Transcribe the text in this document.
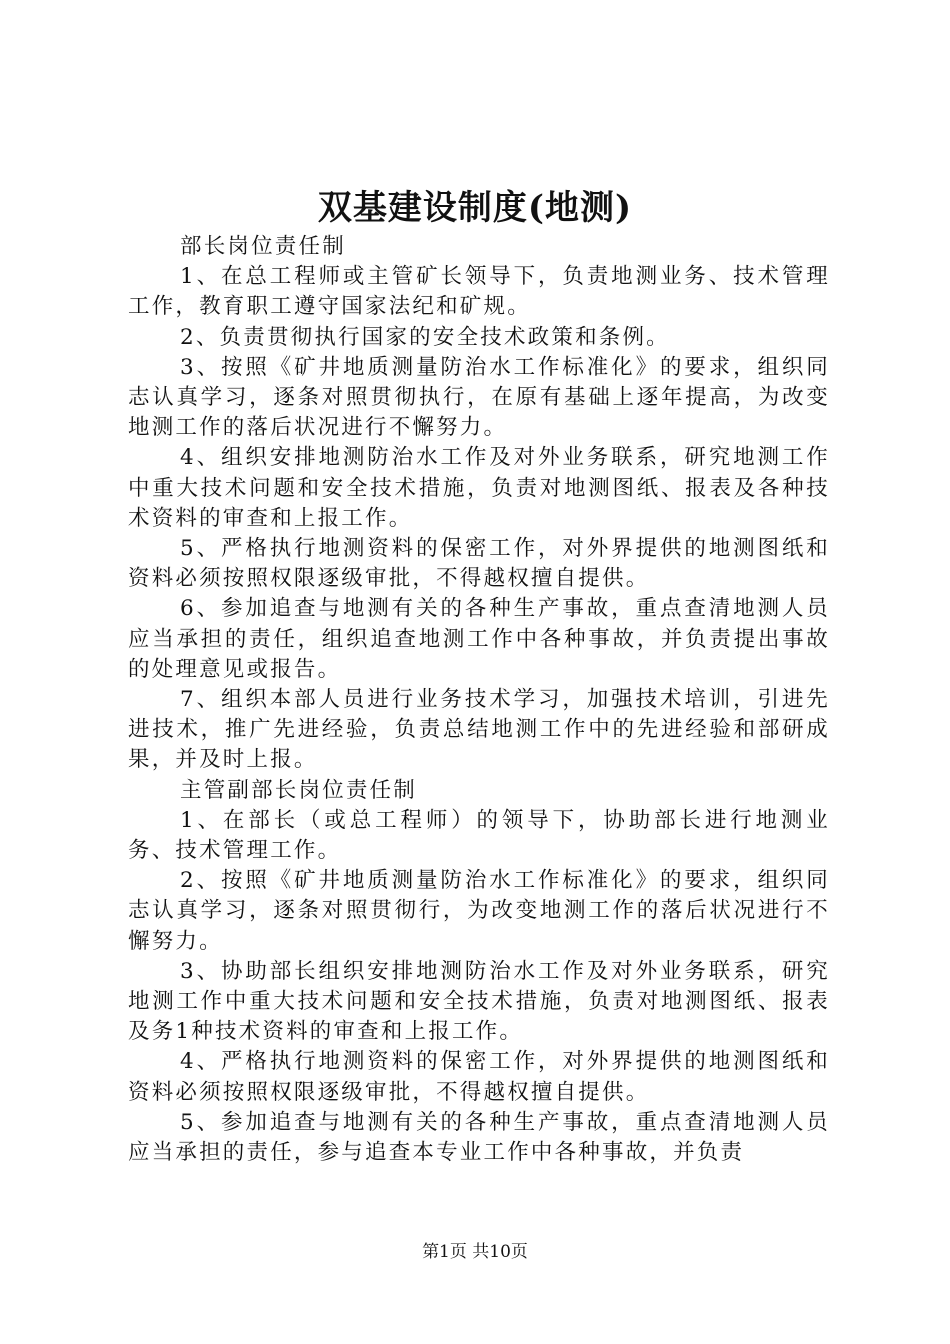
双基建设制度(地测)

部长岗位责任制

1、在总工程师或主管矿长领导下，负责地测业务、技术管理工作，教育职工遵守国家法纪和矿规。

2、负责贯彻执行国家的安全技术政策和条例。

3、按照《矿井地质测量防治水工作标准化》的要求，组织同志认真学习，逐条对照贯彻执行，在原有基础上逐年提高，为改变地测工作的落后状况进行不懈努力。

4、组织安排地测防治水工作及对外业务联系，研究地测工作中重大技术问题和安全技术措施，负责对地测图纸、报表及各种技术资料的审查和上报工作。

5、严格执行地测资料的保密工作，对外界提供的地测图纸和资料必须按照权限逐级审批，不得越权擅自提供。

6、参加追查与地测有关的各种生产事故，重点查清地测人员应当承担的责任，组织追查地测工作中各种事故，并负责提出事故的处理意见或报告。

7、组织本部人员进行业务技术学习，加强技术培训，引进先进技术，推广先进经验，负责总结地测工作中的先进经验和部研成果，并及时上报。

主管副部长岗位责任制

1、在部长（或总工程师）的领导下，协助部长进行地测业务、技术管理工作。

2、按照《矿井地质测量防治水工作标准化》的要求，组织同志认真学习，逐条对照贯彻行，为改变地测工作的落后状况进行不懈努力。

3、协助部长组织安排地测防治水工作及对外业务联系，研究地测工作中重大技术问题和安全技术措施，负责对地测图纸、报表及务1种技术资料的审查和上报工作。

4、严格执行地测资料的保密工作，对外界提供的地测图纸和资料必须按照权限逐级审批，不得越权擅自提供。

5、参加追查与地测有关的各种生产事故，重点查清地测人员应当承担的责任，参与追查本专业工作中各种事故，并负责

第1页 共10页
